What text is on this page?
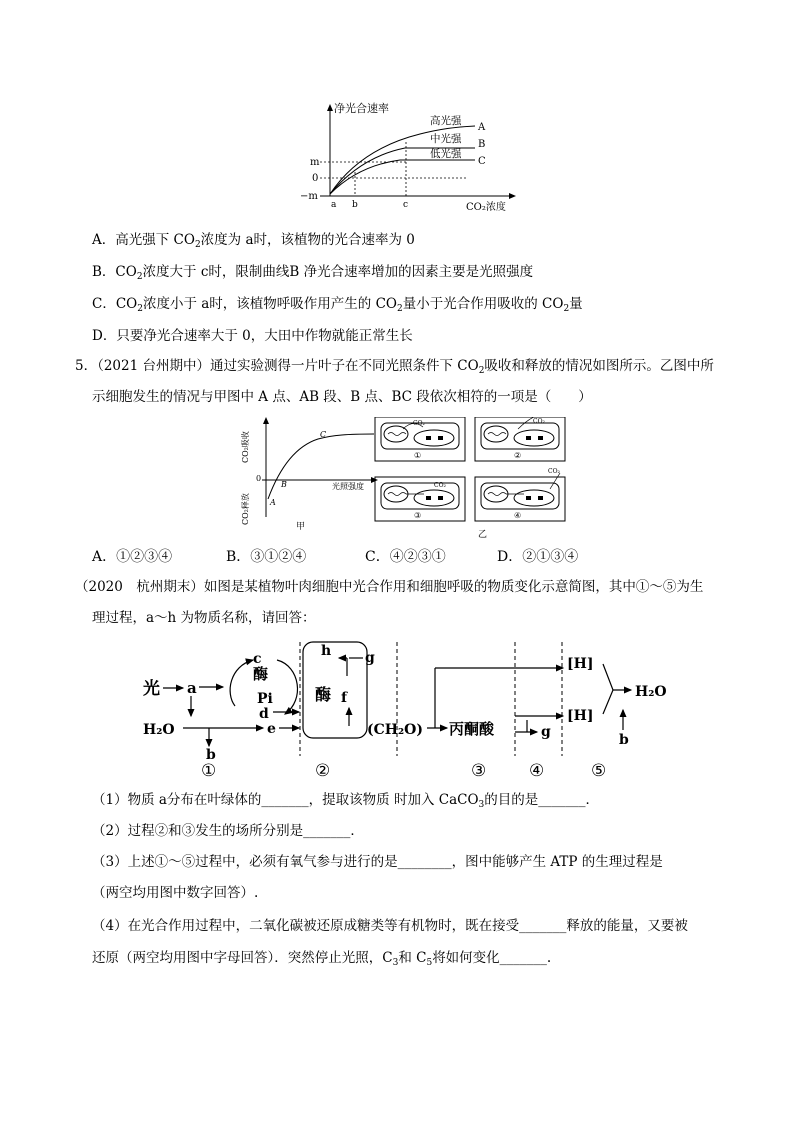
净光合速率
高光强
中光强
低光强
A
B
C
m
0
−m
a b	c	CO₂浓度
A．高光强下 $CO_2$浓度为 a时，该植物的光合速率为 0
B．$CO_2$浓度大于 c时，限制曲线B 净光合速率增加的因素主要是光照强度
C．$CO_2$浓度小于 a时，该植物呼吸作用产生的 $CO_2$量小于光合作用吸收的 $CO_2$量
D．只要净光合速率大于 0，大田中作物就能正常生长
5．（2021 台州期中）通过实验测得一片叶子在不同光照条件下 $CO_2$吸收和释放的情况如图所示。乙图中所
示细胞发生的情况与甲图中 A 点、AB 段、B 点、BC 段依次相符的一项是（　　）
CO₂吸收
CO₂释放
0
光照强度
A
B
C
甲
乙
CO₂
①
CO₂
②
CO₂
③
CO₂
④
A．①②③④	B．③①②④	C．④②③①	D．②①③④
（2020　杭州期末）如图是某植物叶肉细胞中光合作用和细胞呼吸的物质变化示意简图，其中①～⑤为生
理过程，a～h 为物质名称，请回答：
光 a
c
酶
Pi
d
H₂O
b
e
h
酶 f
g
(CH₂O) 丙酮酸	g
[H]
[H]
H₂O
b
①	②	③	④	⑤
（1）物质 a分布在叶绿体的_______，提取该物质 时加入 CaCO$_3$的目的是_______．
（2）过程②和③发生的场所分别是_______．
（3）上述①～⑤过程中，必须有氧气参与进行的是________，图中能够产生 ATP 的生理过程是
（两空均用图中数字回答）.
（4）在光合作用过程中，二氧化碳被还原成糖类等有机物时，既在接受_______释放的能量，又要被
还原（两空均用图中字母回答）．突然停止光照，$C_3$和 $C_5$将如何变化_______.
